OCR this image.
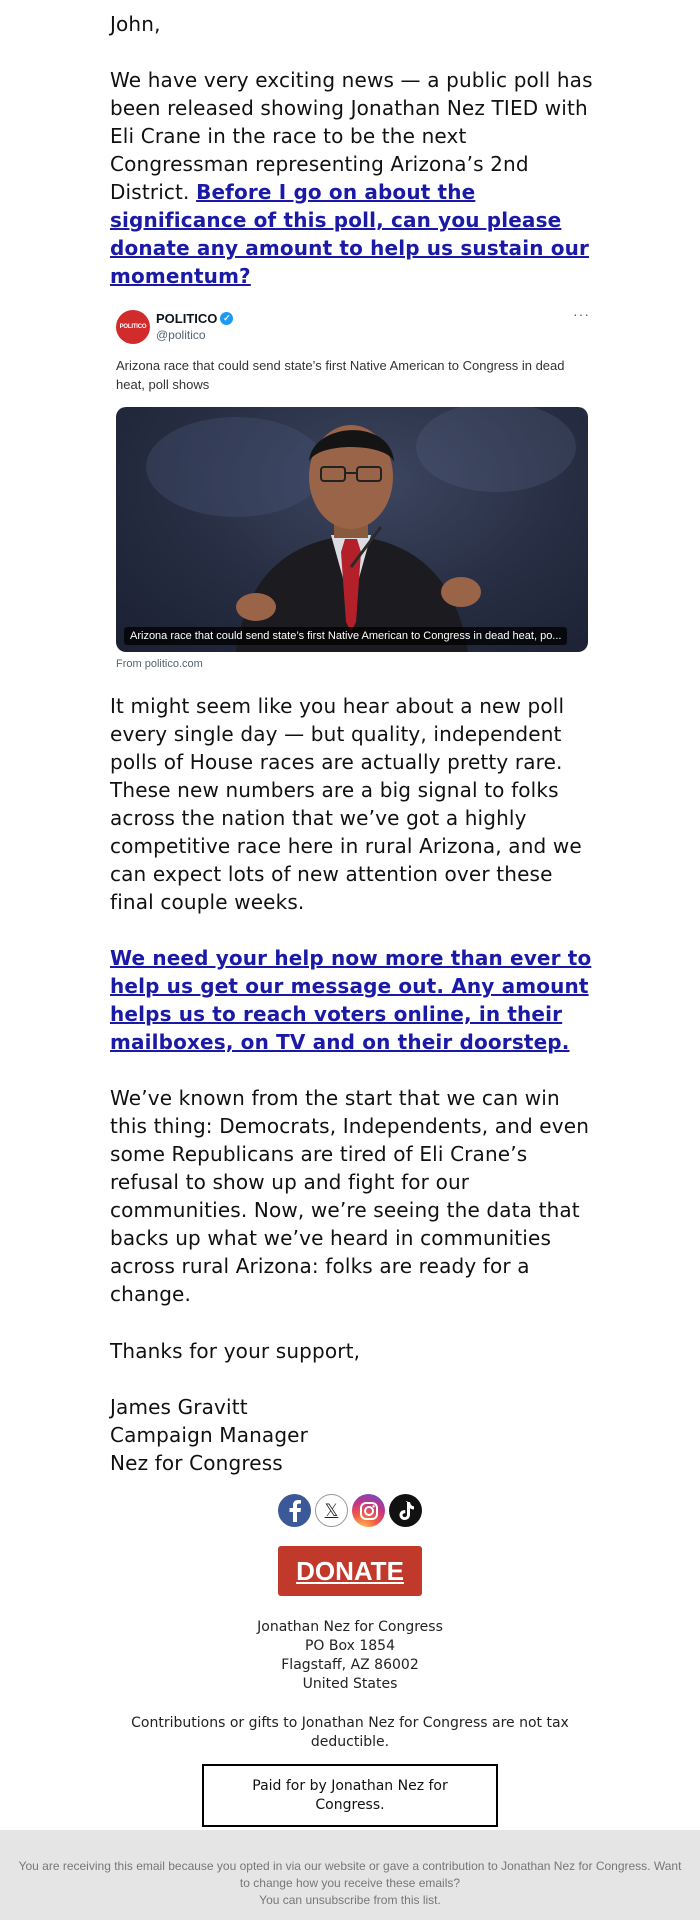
John,

We have very exciting news — a public poll has been released showing Jonathan Nez TIED with Eli Crane in the race to be the next Congressman representing Arizona’s 2nd District. Before I go on about the significance of this poll, can you please donate any amount to help us sustain our momentum?

It might seem like you hear about a new poll every single day — but quality, independent polls of House races are actually pretty rare. These new numbers are a big signal to folks across the nation that we’ve got a highly competitive race here in rural Arizona, and we can expect lots of new attention over these final couple weeks.

We need your help now more than ever to help us get our message out. Any amount helps us to reach voters online, in their mailboxes, on TV and on their doorstep.

We’ve known from the start that we can win this thing: Democrats, Independents, and even some Republicans are tired of Eli Crane’s refusal to show up and fight for our communities. Now, we’re seeing the data that backs up what we’ve heard in communities across rural Arizona: folks are ready for a change.

Thanks for your support,

James Gravitt

Campaign Manager

Nez for Congress

POLITICO
POLITICO ✓
@politico
···

Arizona race that could send state’s first Native American to Congress in dead heat, poll shows

Arizona race that could send state’s first Native American to Congress in dead heat, po...
From politico.com
𝕏
DONATE

Jonathan Nez for Congress

PO Box 1854

Flagstaff, AZ 86002

United States

Contributions or gifts to Jonathan Nez for Congress are not tax deductible.

Paid for by Jonathan Nez for Congress.

You are receiving this email because you opted in via our website or gave a contribution to Jonathan Nez for Congress. Want to change how you receive these emails?

You can unsubscribe from this list.
